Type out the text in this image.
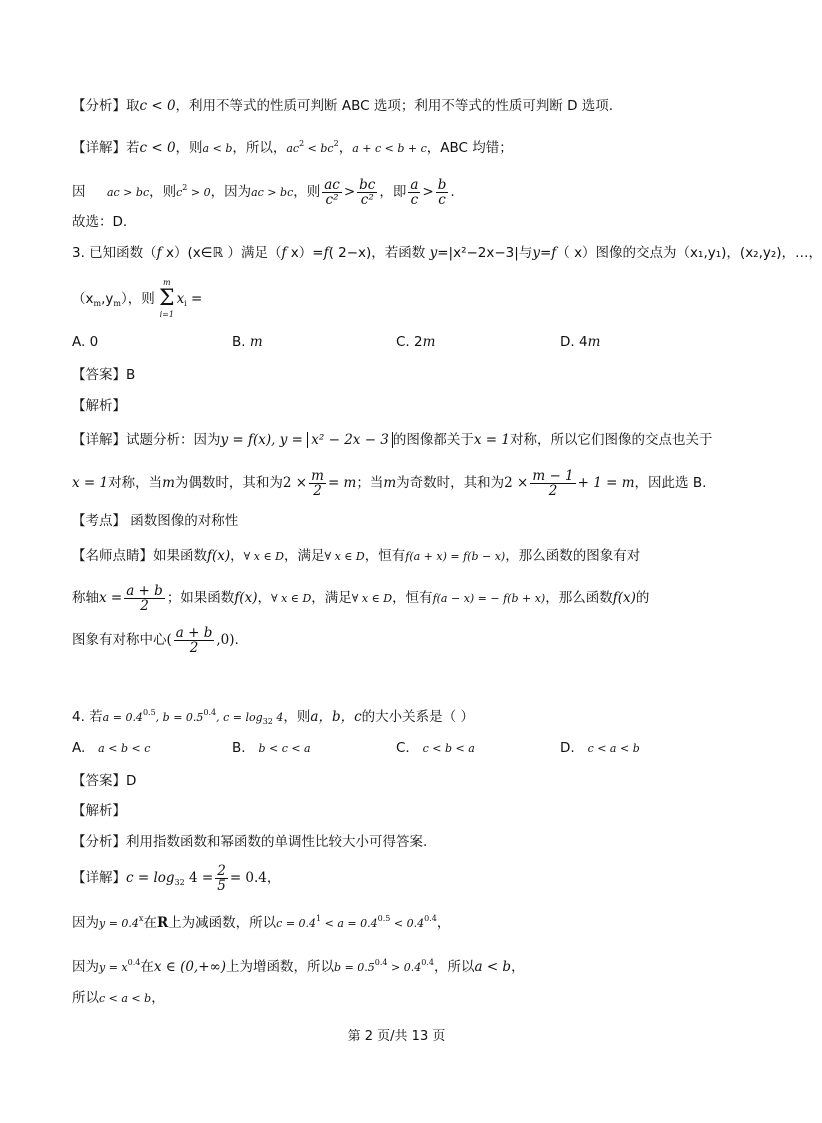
【分析】取c < 0，利用不等式的性质可判断 ABC 选项；利用不等式的性质可判断 D 选项.
【详解】若c < 0，则a < b，所以，$ac^2 < bc^2$，a + c < b + c，ABC 均错；
因 ac > bc，则$c^2 > 0$，因为ac > bc，则 $\frac{ac}{\text{c²}} > \frac{bc}{\text{c²}}$ ，即 $\frac{a}{c} > \frac{b}{c}$ .
故选：D.
3. 已知函数（f x）(x∈ℝ ）满足（f x）=f( 2−x)，若函数 y=|x²−2x−3|与y=f（ x）图像的交点为（x₁,y₁)，(x₂,y₂)，…，
$(x_m,y_m)$，则
m
Σ
i=1
$x_i$ =
A. 0	B. m	C. 2m	D. 4m
【答案】B
【解析】
【详解】试题分析：因为y = f(x), y = x² − 2x − 3 的图像都关于x = 1对称，所以它们图像的交点也关于
x = 1对称，当m为偶数时，其和为$2 \times \frac{m}{2} = m$；当m为奇数时，其和为$2 \times \frac{m - 1}{2} + 1 = m$，因此选 B.
【考点】 函数图像的对称性
【名师点睛】如果函数f(x)，∀ x ∈ D，满足∀ x ∈ D，恒有f(a + x) = f(b − x)，那么函数的图象有对
称轴$x = \frac{a + b}{2}$ ；如果函数f(x)，∀ x ∈ D，满足∀ x ∈ D，恒有f(a − x) = − f(b + x)，那么函数f(x)的
图象有对称中心( $\frac{a + b}{2} ,0$).
4. 若$a = 0.4^{0.5}$, $b = 0.5^{0.4}$, $c = \log_{32} 4$，则a，b，c的大小关系是（ ）
A. a < b < c	B. b < c < a	C. c < b < a	D. c < a < b
【答案】D
【解析】
【分析】利用指数函数和幂函数的单调性比较大小可得答案.
【详解】$c = \log_{32} 4 = \frac{2}{5} = 0.4$，
因为$y = 0.4^x$在R上为减函数，所以$c = 0.4^1 < a = 0.4^{0.5} < 0.4^{0.4}$，
因为$y = x^{0.4}$在x ∈ (0,+∞)上为增函数，所以$b = 0.5^{0.4} > 0.4^{0.4}$，所以a < b，
所以c < a < b，
第 2 页/共 13 页
